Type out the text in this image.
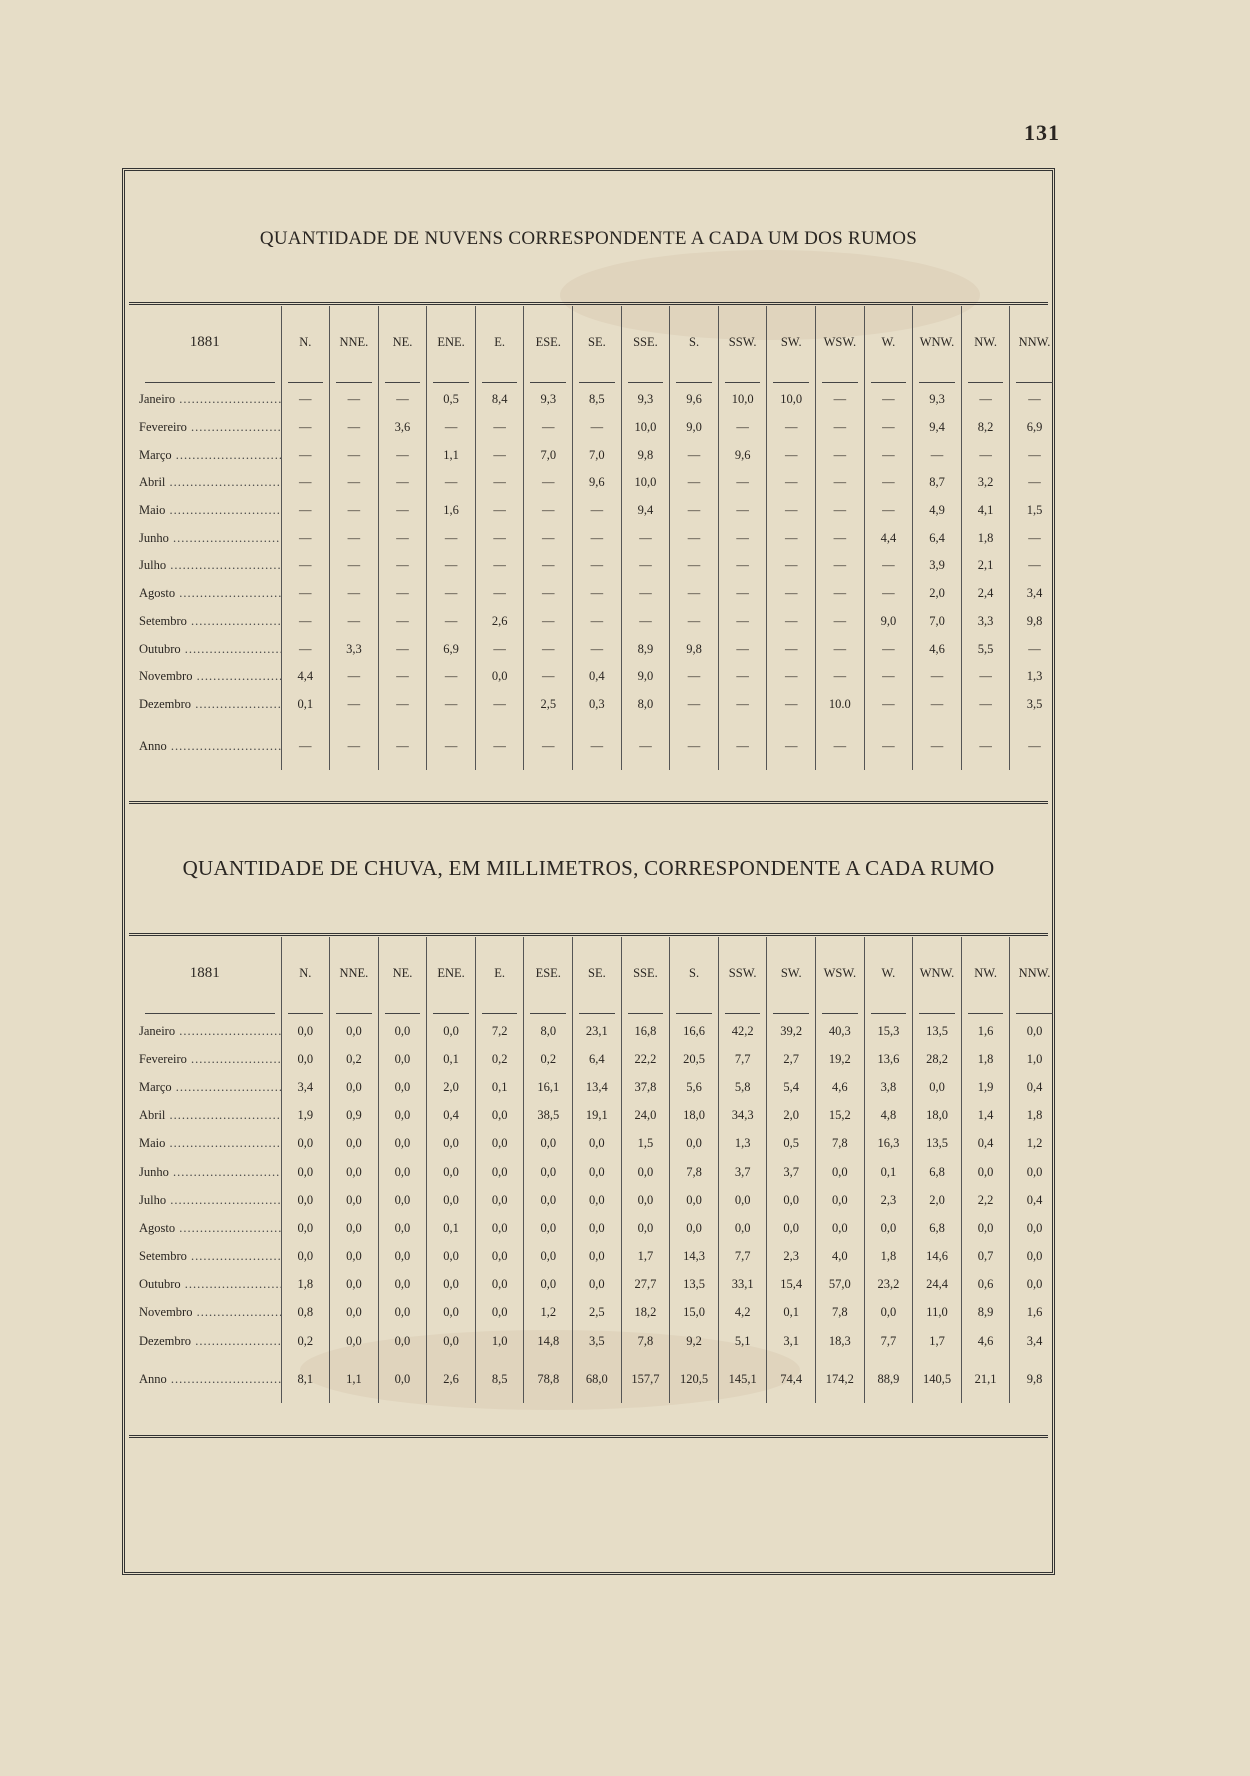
131
QUANTIDADE DE NUVENS CORRESPONDENTE A CADA UM DOS RUMOS
1881	N.	NNE.	NE.	ENE.	E.	ESE.	SE.	SSE.	S.	SSW.	SW.	WSW.	W.	WNW.	NW.	NNW.

Janeiro .....	—	—	—	0,5	8,4	9,3	8,5	9,3	9,6	10,0	10,0	—	—	9,3	—	—

Fevereiro .....	—	—	3,6	—	—	—	—	10,0	9,0	—	—	—	—	9,4	8,2	6,9

Março .....	—	—	—	1,1	—	7,0	7,0	9,8	—	9,6	—	—	—	—	—	—

Abril .....	—	—	—	—	—	—	9,6	10,0	—	—	—	—	—	8,7	3,2	—

Maio .....	—	—	—	1,6	—	—	—	9,4	—	—	—	—	—	4,9	4,1	1,5

Junho .....	—	—	—	—	—	—	—	—	—	—	—	—	4,4	6,4	1,8	—

Julho .....	—	—	—	—	—	—	—	—	—	—	—	—	—	3,9	2,1	—

Agosto .....	—	—	—	—	—	—	—	—	—	—	—	—	—	2,0	2,4	3,4

Setembro .....	—	—	—	—	2,6	—	—	—	—	—	—	—	9,0	7,0	3,3	9,8

Outubro .....	—	3,3	—	6,9	—	—	—	8,9	9,8	—	—	—	—	4,6	5,5	—

Novembro .....	4,4	—	—	—	0,0	—	0,4	9,0	—	—	—	—	—	—	—	1,3

Dezembro .....	0,1	—	—	—	—	2,5	0,3	8,0	—	—	—	10.0	—	—	—	3,5

Anno .....	—	—	—	—	—	—	—	—	—	—	—	—	—	—	—	—

QUANTIDADE DE CHUVA, EM MILLIMETROS, CORRESPONDENTE A CADA RUMO
1881	N.	NNE.	NE.	ENE.	E.	ESE.	SE.	SSE.	S.	SSW.	SW.	WSW.	W.	WNW.	NW.	NNW.

Janeiro .....	0,0	0,0	0,0	0,0	7,2	8,0	23,1	16,8	16,6	42,2	39,2	40,3	15,3	13,5	1,6	0,0

Fevereiro .....	0,0	0,2	0,0	0,1	0,2	0,2	6,4	22,2	20,5	7,7	2,7	19,2	13,6	28,2	1,8	1,0

Março .....	3,4	0,0	0,0	2,0	0,1	16,1	13,4	37,8	5,6	5,8	5,4	4,6	3,8	0,0	1,9	0,4

Abril .....	1,9	0,9	0,0	0,4	0,0	38,5	19,1	24,0	18,0	34,3	2,0	15,2	4,8	18,0	1,4	1,8

Maio .....	0,0	0,0	0,0	0,0	0,0	0,0	0,0	1,5	0,0	1,3	0,5	7,8	16,3	13,5	0,4	1,2

Junho .....	0,0	0,0	0,0	0,0	0,0	0,0	0,0	0,0	7,8	3,7	3,7	0,0	0,1	6,8	0,0	0,0

Julho .....	0,0	0,0	0,0	0,0	0,0	0,0	0,0	0,0	0,0	0,0	0,0	0,0	2,3	2,0	2,2	0,4

Agosto .....	0,0	0,0	0,0	0,1	0,0	0,0	0,0	0,0	0,0	0,0	0,0	0,0	0,0	6,8	0,0	0,0

Setembro .....	0,0	0,0	0,0	0,0	0,0	0,0	0,0	1,7	14,3	7,7	2,3	4,0	1,8	14,6	0,7	0,0

Outubro .....	1,8	0,0	0,0	0,0	0,0	0,0	0,0	27,7	13,5	33,1	15,4	57,0	23,2	24,4	0,6	0,0

Novembro .....	0,8	0,0	0,0	0,0	0,0	1,2	2,5	18,2	15,0	4,2	0,1	7,8	0,0	11,0	8,9	1,6

Dezembro .....	0,2	0,0	0,0	0,0	1,0	14,8	3,5	7,8	9,2	5,1	3,1	18,3	7,7	1,7	4,6	3,4

Anno .....	8,1	1,1	0,0	2,6	8,5	78,8	68,0	157,7	120,5	145,1	74,4	174,2	88,9	140,5	21,1	9,8
